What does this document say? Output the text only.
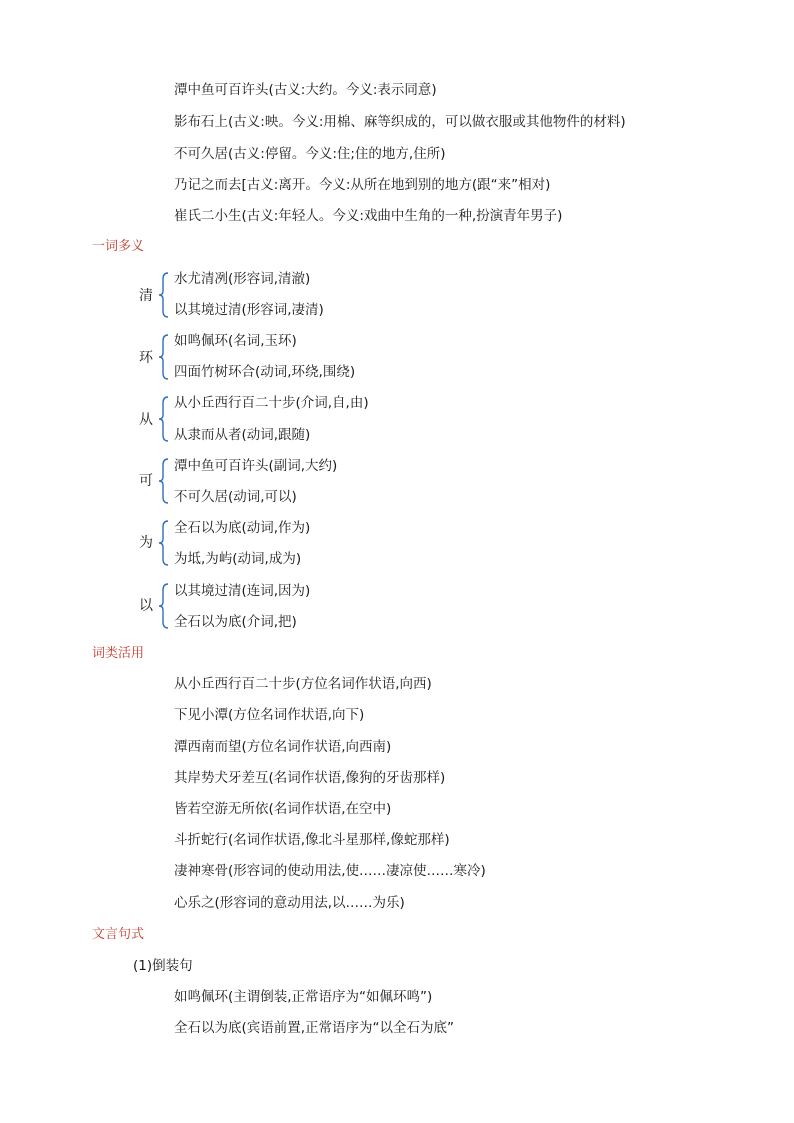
潭中鱼可百许头(古义:大约。今义:表示同意)
影布石上(古义:映。今义:用棉、麻等织成的，可以做衣服或其他物件的材料)
不可久居(古义:停留。今义:住;住的地方,住所)
乃记之而去[古义:离开。今义:从所在地到别的地方(跟“来”相对)
崔氏二小生(古义:年轻人。今义:戏曲中生角的一种,扮演青年男子)
一词多义
清
水尤清冽(形容词,清澈)
以其境过清(形容词,凄清)
环
如鸣佩环(名词,玉环)
四面竹树环合(动词,环绕,围绕)
从
从小丘西行百二十步(介词,自,由)
从隶而从者(动词,跟随)
可
潭中鱼可百许头(副词,大约)
不可久居(动词,可以)
为
全石以为底(动词,作为)
为坻,为屿(动词,成为)
以
以其境过清(连词,因为)
全石以为底(介词,把)
词类活用
从小丘西行百二十步(方位名词作状语,向西)
下见小潭(方位名词作状语,向下)
潭西南而望(方位名词作状语,向西南)
其岸势犬牙差互(名词作状语,像狗的牙齿那样)
皆若空游无所依(名词作状语,在空中)
斗折蛇行(名词作状语,像北斗星那样,像蛇那样)
凄神寒骨(形容词的使动用法,使……凄凉使……寒冷)
心乐之(形容词的意动用法,以……为乐)
文言句式
(1)倒装句
如鸣佩环(主谓倒装,正常语序为“如佩环鸣”)
全石以为底(宾语前置,正常语序为“以全石为底”
